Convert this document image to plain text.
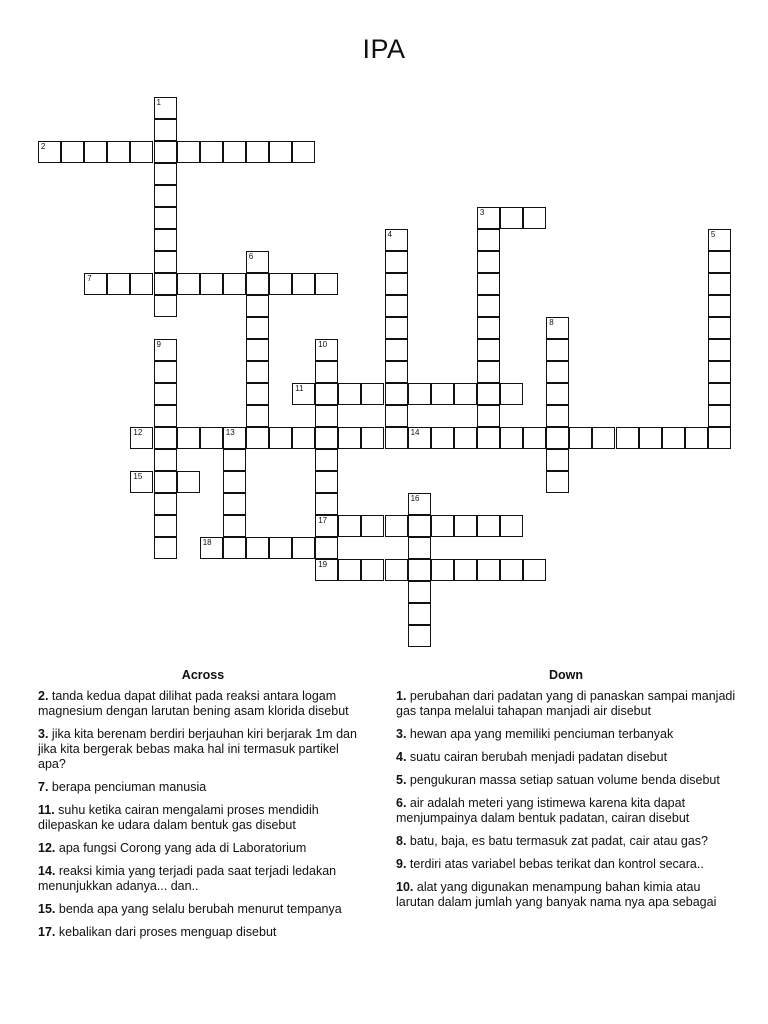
IPA
1
2
3
4	5
6
7
8
9	10
17
19
11
12	13	14
15
16
18
Across
2. tanda kedua dapat dilihat pada reaksi antara logam magnesium dengan larutan bening asam klorida disebut
3. jika kita berenam berdiri berjauhan kiri berjarak 1m dan jika kita bergerak bebas maka hal ini termasuk partikel apa?
7. berapa penciuman manusia
11. suhu ketika cairan mengalami proses mendidih dilepaskan ke udara dalam bentuk gas disebut
12. apa fungsi Corong yang ada di Laboratorium
14. reaksi kimia yang terjadi pada saat terjadi ledakan menunjukkan adanya... dan..
15. benda apa yang selalu berubah menurut tempanya
17. kebalikan dari proses menguap disebut
Down
1. perubahan dari padatan yang di panaskan sampai manjadi gas tanpa melalui tahapan manjadi air disebut
3. hewan apa yang memiliki penciuman terbanyak
4. suatu cairan berubah menjadi padatan disebut
5. pengukuran massa setiap satuan volume benda disebut
6. air adalah meteri yang istimewa karena kita dapat menjumpainya dalam bentuk padatan, cairan disebut
8. batu, baja, es batu termasuk zat padat, cair atau gas?
9. terdiri atas variabel bebas terikat dan kontrol secara..
10. alat yang digunakan menampung bahan kimia atau larutan dalam jumlah yang banyak nama nya apa sebagai
